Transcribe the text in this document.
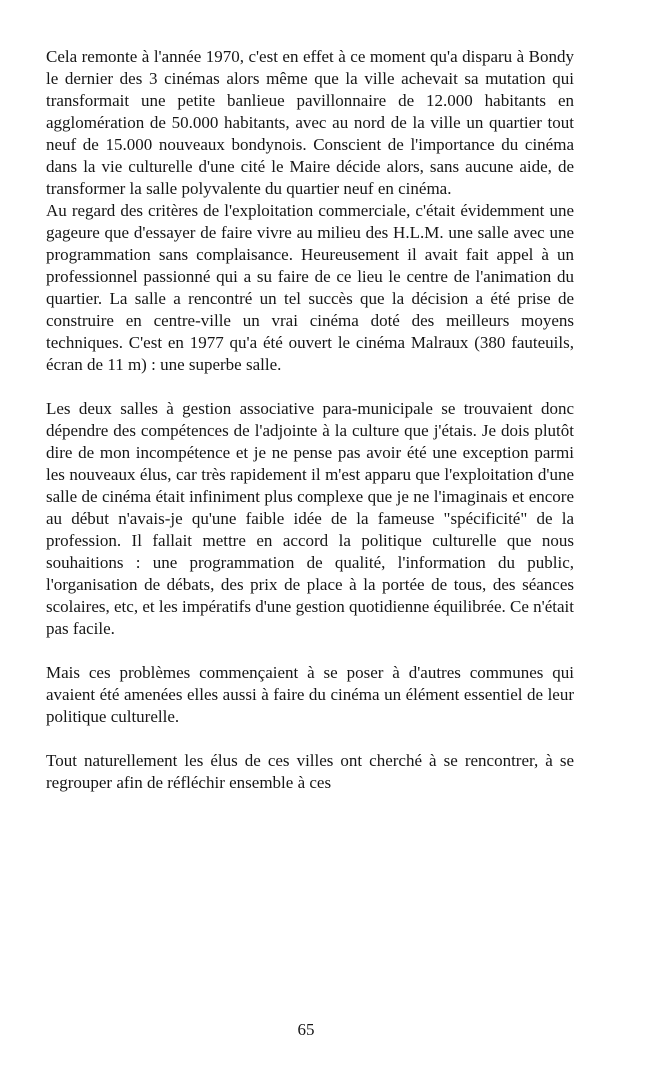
Cela remonte à l'année 1970, c'est en effet à ce moment qu'a disparu à Bondy le dernier des 3 cinémas alors même que la ville achevait sa mutation qui transformait une petite banlieue pavillonnaire de 12.000 habitants en agglomération de 50.000 habitants, avec au nord de la ville un quartier tout neuf de 15.000 nouveaux bondynois. Conscient de l'importance du cinéma dans la vie culturelle d'une cité le Maire décide alors, sans aucune aide, de transformer la salle polyvalente du quartier neuf en cinéma.

Au regard des critères de l'exploitation commerciale, c'était évidemment une gageure que d'essayer de faire vivre au milieu des H.L.M. une salle avec une programmation sans complaisance. Heureusement il avait fait appel à un professionnel passionné qui a su faire de ce lieu le centre de l'animation du quartier. La salle a rencontré un tel succès que la décision a été prise de construire en centre-ville un vrai cinéma doté des meilleurs moyens techniques. C'est en 1977 qu'a été ouvert le cinéma Malraux (380 fauteuils, écran de 11 m) : une superbe salle.

Les deux salles à gestion associative para-municipale se trouvaient donc dépendre des compétences de l'adjointe à la culture que j'étais. Je dois plutôt dire de mon incompétence et je ne pense pas avoir été une exception parmi les nouveaux élus, car très rapidement il m'est apparu que l'exploitation d'une salle de cinéma était infiniment plus complexe que je ne l'imaginais et encore au début n'avais-je qu'une faible idée de la fameuse "spécificité" de la profession. Il fallait mettre en accord la politique culturelle que nous souhaitions : une programmation de qualité, l'information du public, l'organisation de débats, des prix de place à la portée de tous, des séances scolaires, etc, et les impératifs d'une gestion quotidienne équilibrée. Ce n'était pas facile.

Mais ces problèmes commençaient à se poser à d'autres communes qui avaient été amenées elles aussi à faire du cinéma un élément essentiel de leur politique culturelle.

Tout naturellement les élus de ces villes ont cherché à se rencontrer, à se regrouper afin de réfléchir ensemble à ces

65
